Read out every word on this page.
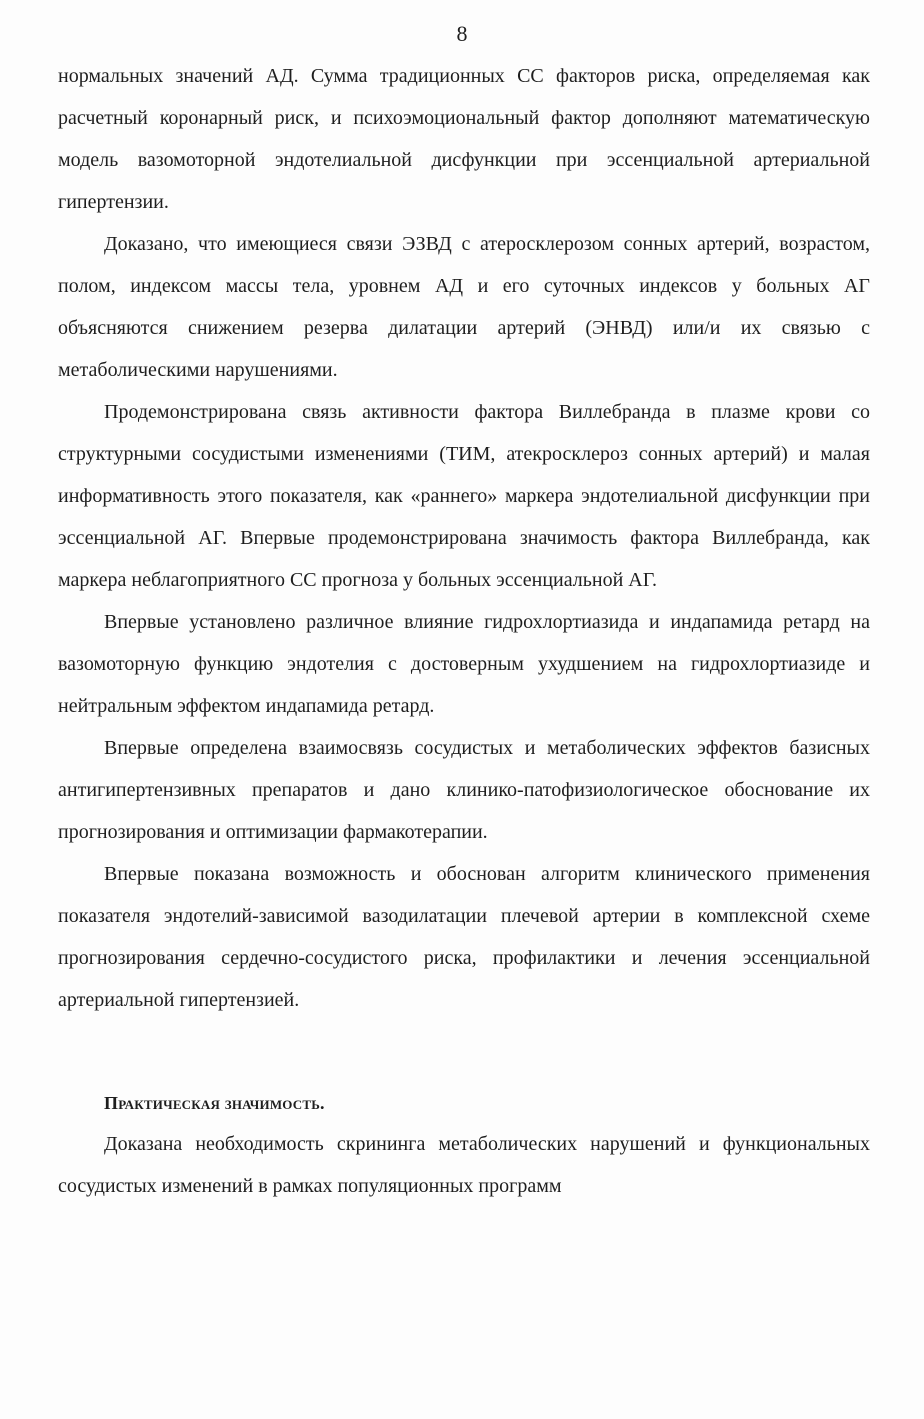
8

нормальных значений АД. Сумма традиционных СС факторов риска, определяемая как расчетный коронарный риск, и психоэмоциональный фактор дополняют математическую модель вазомоторной эндотелиальной дисфункции при эссенциальной артериальной гипертензии.

Доказано, что имеющиеся связи ЭЗВД с атеросклерозом сонных артерий, возрастом, полом, индексом массы тела, уровнем АД и его суточных индексов у больных АГ объясняются снижением резерва дилатации артерий (ЭНВД) или/и их связью с метаболическими нарушениями.

Продемонстрирована связь активности фактора Виллебранда в плазме крови со структурными сосудистыми изменениями (ТИМ, атекросклероз сонных артерий) и малая информативность этого показателя, как «раннего» маркера эндотелиальной дисфункции при эссенциальной АГ. Впервые продемонстрирована значимость фактора Виллебранда, как маркера неблагоприятного СС прогноза у больных эссенциальной АГ.

Впервые установлено различное влияние гидрохлортиазида и индапамида ретард на вазомоторную функцию эндотелия с достоверным ухудшением на гидрохлортиазиде и нейтральным эффектом индапамида ретард.

Впервые определена взаимосвязь сосудистых и метаболических эффектов базисных антигипертензивных препаратов и дано клинико-патофизиологическое обоснование их прогнозирования и оптимизации фармакотерапии.

Впервые показана возможность и обоснован алгоритм клинического применения показателя эндотелий-зависимой вазодилатации плечевой артерии в комплексной схеме прогнозирования сердечно-сосудистого риска, профилактики и лечения эссенциальной артериальной гипертензией.

Практическая значимость.

Доказана необходимость скрининга метаболических нарушений и функциональных сосудистых изменений в рамках популяционных программ
